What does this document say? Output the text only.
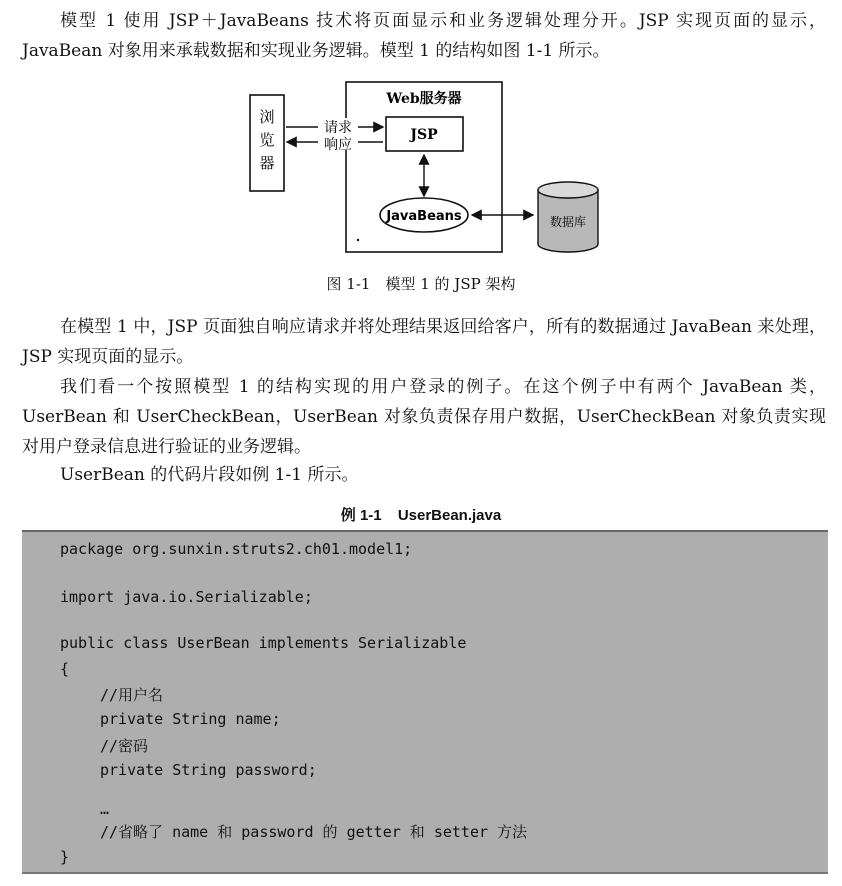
模型 1 使用 JSP＋JavaBeans 技术将页面显示和业务逻辑处理分开。JSP 实现页面的显示，JavaBean 对象用来承载数据和实现业务逻辑。模型 1 的结构如图 1-1 所示。

浏
览
器
Web服务器
JSP
请求
响应
JavaBeans	数据库
图 1-1　模型 1 的 JSP 架构

在模型 1 中，JSP 页面独自响应请求并将处理结果返回给客户，所有的数据通过 JavaBean 来处理，JSP 实现页面的显示。

我们看一个按照模型 1 的结构实现的用户登录的例子。在这个例子中有两个 JavaBean 类，UserBean 和 UserCheckBean，UserBean 对象负责保存用户数据，UserCheckBean 对象负责实现对用户登录信息进行验证的业务逻辑。

UserBean 的代码片段如例 1-1 所示。

例 1-1 UserBean.java
package org.sunxin.struts2.ch01.model1;
import java.io.Serializable;
public class UserBean implements Serializable
{
//用户名
private String name;
//密码
private String password;
…
//省略了 name 和 password 的 getter 和 setter 方法
}
